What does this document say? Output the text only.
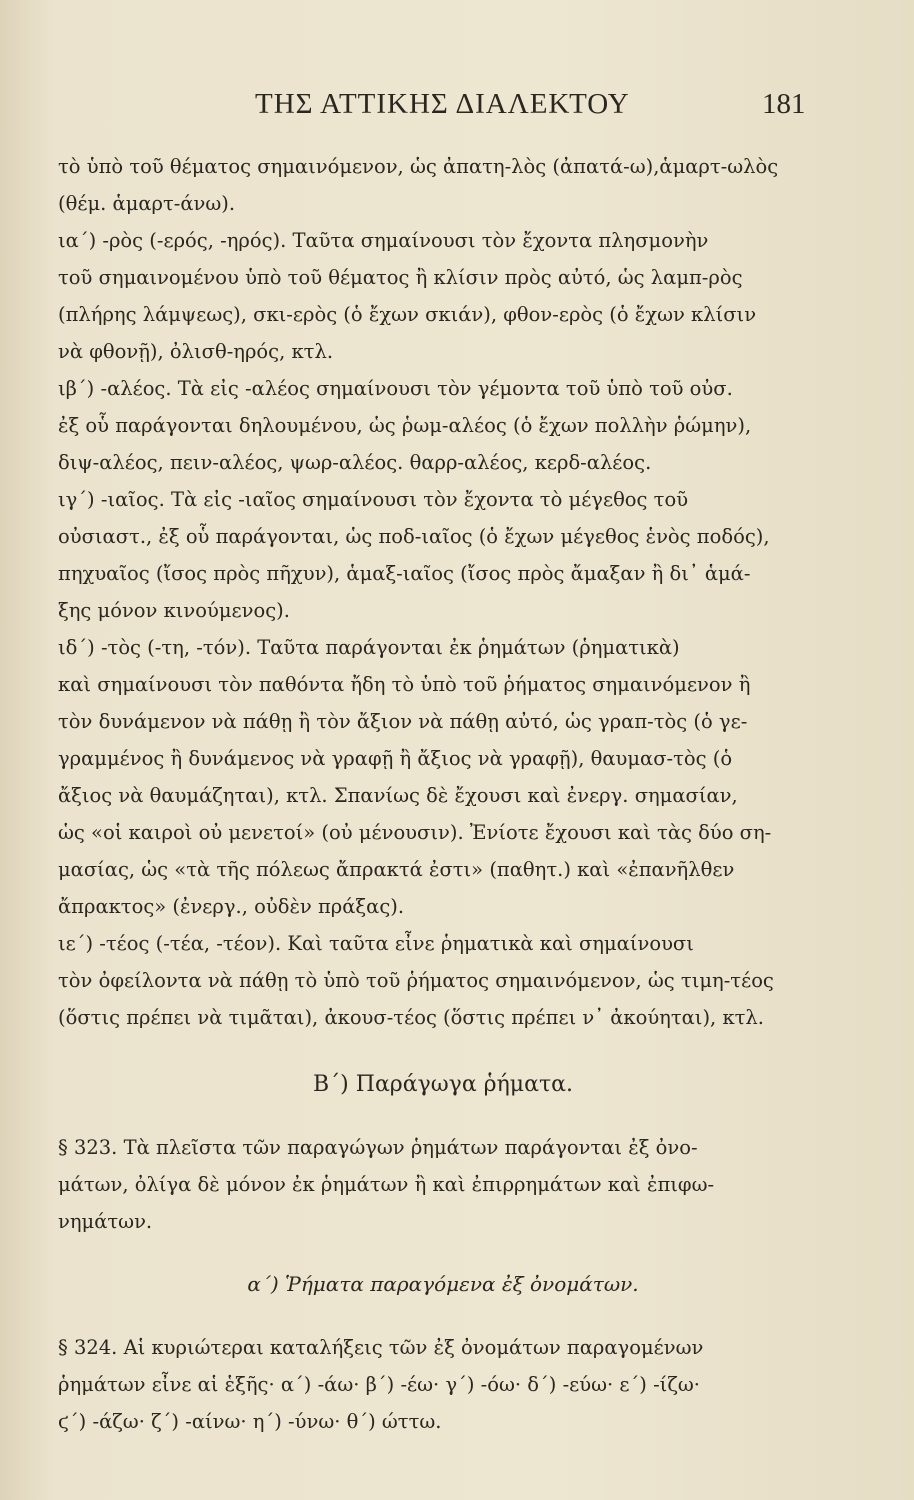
ΤΗΣ ΑΤΤΙΚΗΣ ΔΙΑΛΕΚΤΟΥ	181
τὸ ὑπὸ τοῦ θέματος σημαινόμενον, ὡς ἀπατη-λὸς (ἀπατά-ω),ἁμαρτ-ωλὸς
(θέμ. ἁμαρτ-άνω).
ια΄) -ρὸς (-ερός, -ηρός). Ταῦτα σημαίνουσι τὸν ἔχοντα πλησμονὴν
τοῦ σημαινομένου ὑπὸ τοῦ θέματος ἢ κλίσιν πρὸς αὐτό, ὡς λαμπ-ρὸς
(πλήρης λάμψεως), σκι-ερὸς (ὁ ἔχων σκιάν), φθον-ερὸς (ὁ ἔχων κλίσιν
νὰ φθονῇ), ὀλισθ-ηρός, κτλ.
ιβ΄) -αλέος. Τὰ εἰς -αλέος σημαίνουσι τὸν γέμοντα τοῦ ὑπὸ τοῦ οὐσ.
ἐξ οὗ παράγονται δηλουμένου, ὡς ῥωμ-αλέος (ὁ ἔχων πολλὴν ῥώμην),
διψ-αλέος, πειν-αλέος, ψωρ-αλέος. θαρρ-αλέος, κερδ-αλέος.
ιγ΄) -ιαῖος. Τὰ εἰς -ιαῖος σημαίνουσι τὸν ἔχοντα τὸ μέγεθος τοῦ
οὐσιαστ., ἐξ οὗ παράγονται, ὡς ποδ-ιαῖος (ὁ ἔχων μέγεθος ἑνὸς ποδός),
πηχυαῖος (ἴσος πρὸς πῆχυν), ἁμαξ-ιαῖος (ἴσος πρὸς ἄμαξαν ἢ δι᾿ ἁμά-
ξης μόνον κινούμενος).
ιδ΄) -τὸς (-τη, -τόν). Ταῦτα παράγονται ἐκ ῥημάτων (ῥηματικὰ)
καὶ σημαίνουσι τὸν παθόντα ἤδη τὸ ὑπὸ τοῦ ῥήματος σημαινόμενον ἢ
τὸν δυνάμενον νὰ πάθῃ ἢ τὸν ἄξιον νὰ πάθῃ αὐτό, ὡς γραπ-τὸς (ὁ γε-
γραμμένος ἢ δυνάμενος νὰ γραφῇ ἢ ἄξιος νὰ γραφῇ), θαυμασ-τὸς (ὁ
ἄξιος νὰ θαυμάζηται), κτλ. Σπανίως δὲ ἔχουσι καὶ ἐνεργ. σημασίαν,
ὡς «οἱ καιροὶ οὐ μενετοί» (οὐ μένουσιν). Ἐνίοτε ἔχουσι καὶ τὰς δύο ση-
μασίας, ὡς «τὰ τῆς πόλεως ἄπρακτά ἐστι» (παθητ.) καὶ «ἐπανῆλθεν
ἄπρακτος» (ἐνεργ., οὐδὲν πράξας).
ιε΄) -τέος (-τέα, -τέον). Καὶ ταῦτα εἶνε ῥηματικὰ καὶ σημαίνουσι
τὸν ὀφείλοντα νὰ πάθῃ τὸ ὑπὸ τοῦ ῥήματος σημαινόμενον, ὡς τιμη-τέος
(ὅστις πρέπει νὰ τιμᾶται), ἀκουσ-τέος (ὅστις πρέπει ν᾿ ἀκούηται), κτλ.
Β΄) Παράγωγα ῥήματα.
§ 323. Τὰ πλεῖστα τῶν παραγώγων ῥημάτων παράγονται ἐξ ὀνο-
μάτων, ὀλίγα δὲ μόνον ἐκ ῥημάτων ἢ καὶ ἐπιρρημάτων καὶ ἐπιφω-
νημάτων.
α΄) Ῥήματα παραγόμενα ἐξ ὀνομάτων.
§ 324. Αἱ κυριώτεραι καταλήξεις τῶν ἐξ ὀνομάτων παραγομένων
ῥημάτων εἶνε αἱ ἑξῆς· α΄) -άω· β΄) -έω· γ΄) -όω· δ΄) -εύω· ε΄) -ίζω·
ϛ΄) -άζω· ζ΄) -αίνω· η΄) -ύνω· θ΄) ώττω.
